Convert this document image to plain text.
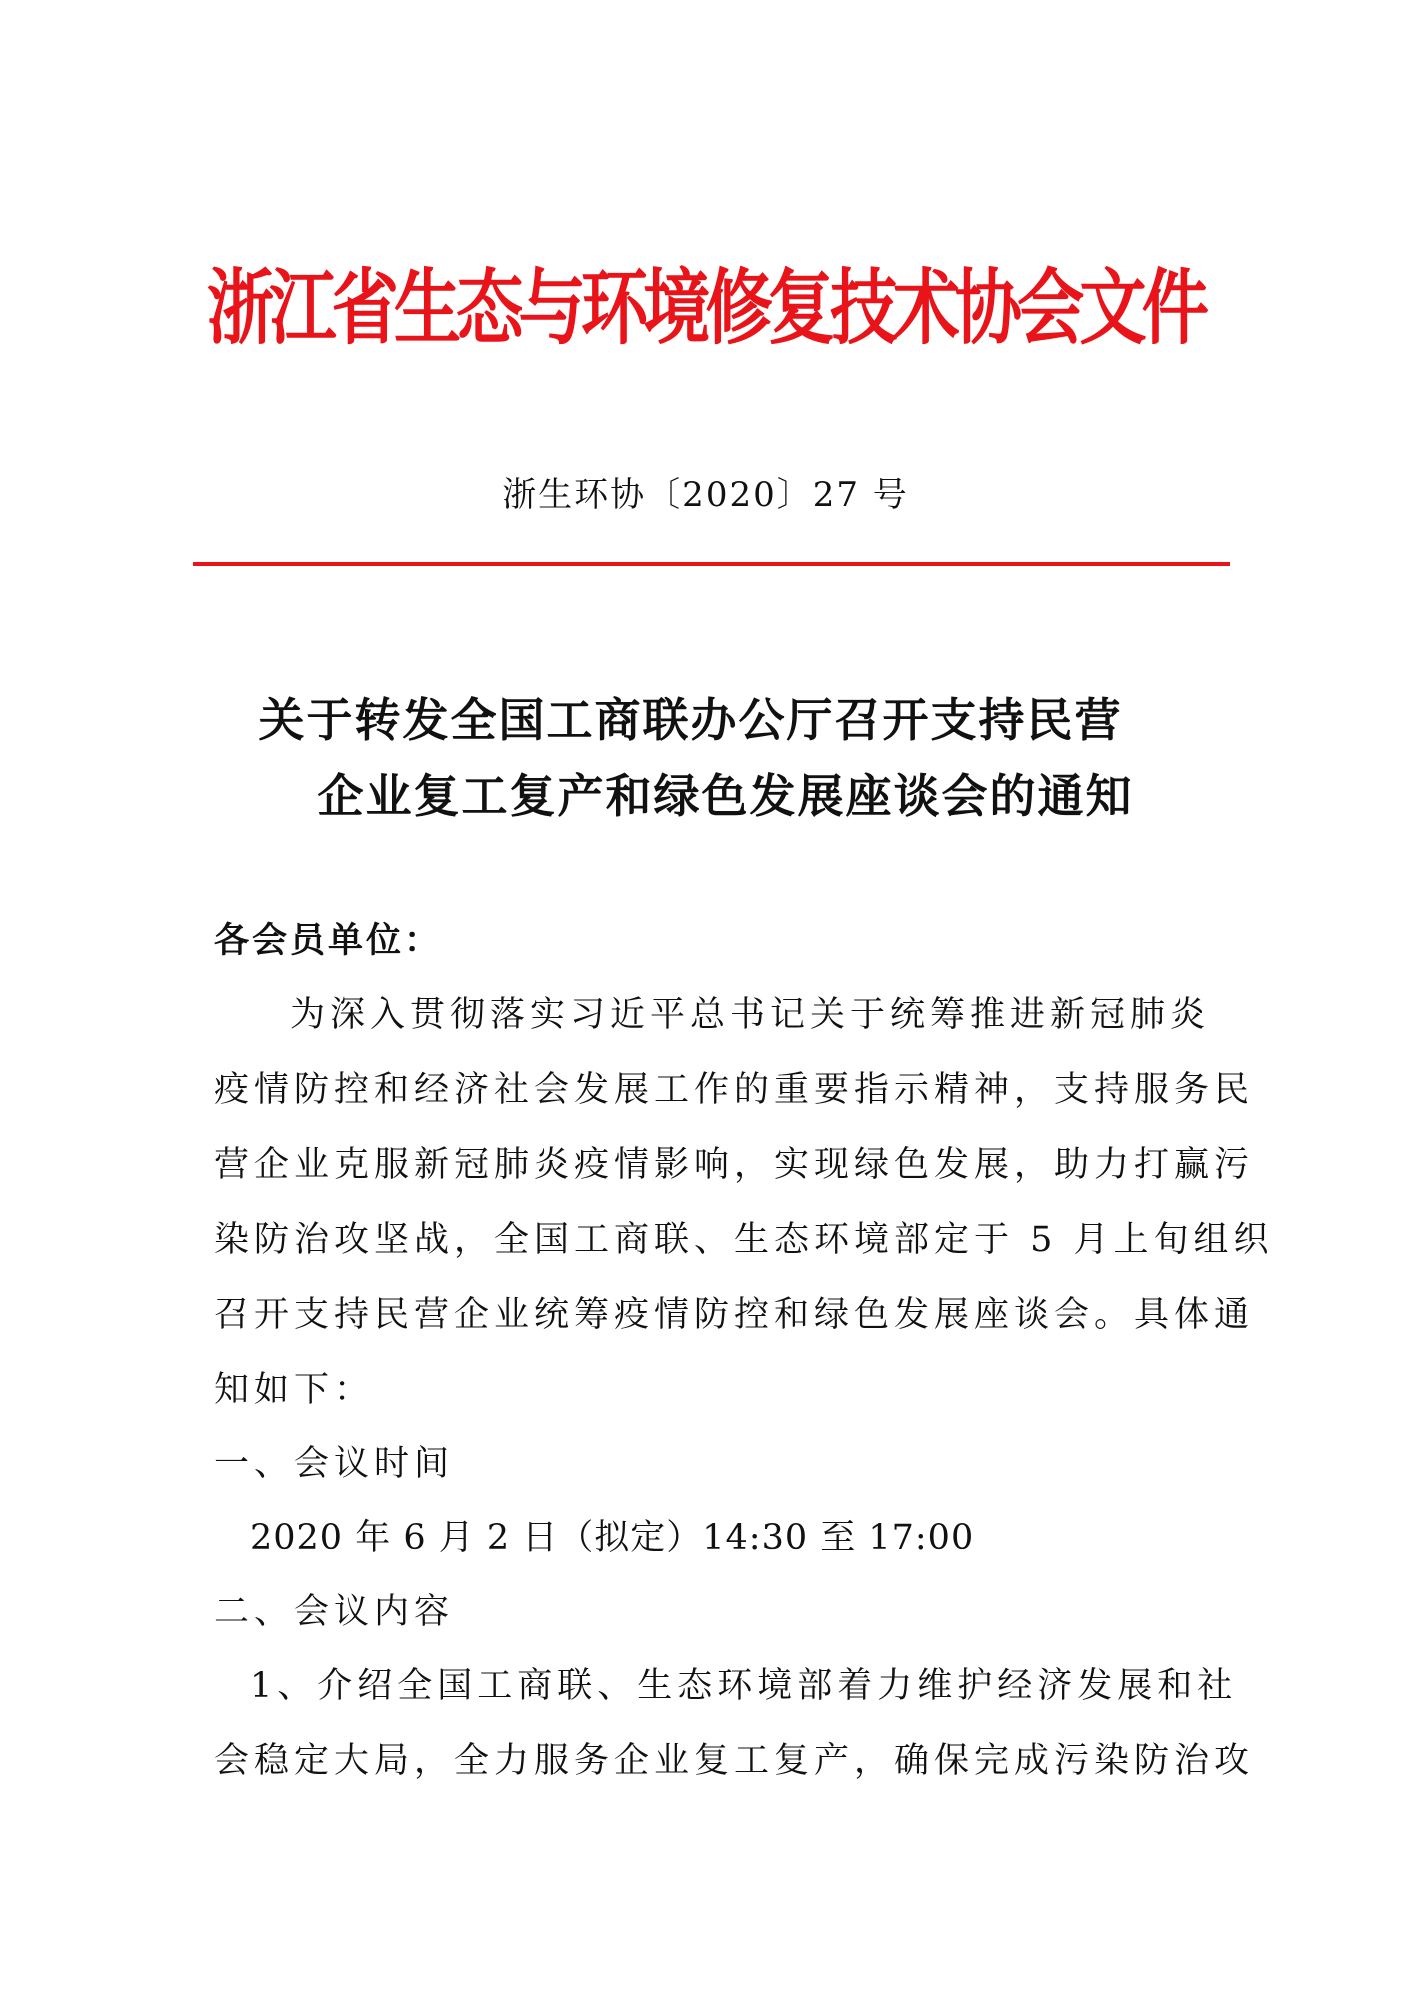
浙江省生态与环境修复技术协会文件
浙生环协〔2020〕27 号
关于转发全国工商联办公厅召开支持民营
企业复工复产和绿色发展座谈会的通知
各会员单位：
为深入贯彻落实习近平总书记关于统筹推进新冠肺炎
疫情防控和经济社会发展工作的重要指示精神，支持服务民
营企业克服新冠肺炎疫情影响，实现绿色发展，助力打赢污
染防治攻坚战，全国工商联、生态环境部定于 5 月上旬组织
召开支持民营企业统筹疫情防控和绿色发展座谈会。具体通
知如下：
一、会议时间
2020 年 6 月 2 日（拟定）14:30 至 17:00
二、会议内容
1、介绍全国工商联、生态环境部着力维护经济发展和社
会稳定大局，全力服务企业复工复产，确保完成污染防治攻
